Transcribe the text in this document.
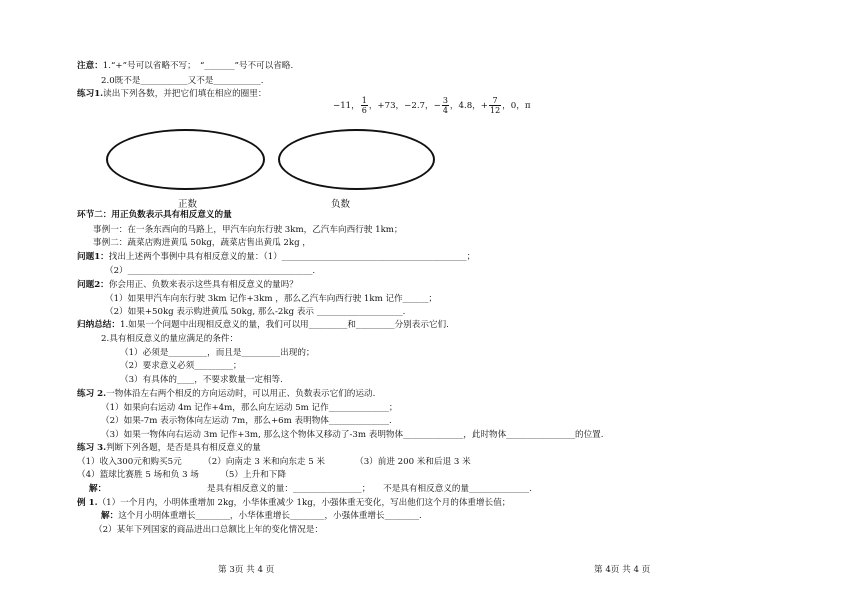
注意：1.“+”号可以省略不写；　“_______”号不可以省略.
2.0既不是___________又不是___________.
练习1.读出下列各数，并把它们填在相应的圈里：
−11， $\frac{1}{6}$ ，+73，−2.7，− $\frac{3}{4}$ ，4.8，+ $\frac{7}{12}$ ，0，π
正数	负数
环节二：用正负数表示具有相反意义的量
事例一：在一条东西向的马路上，甲汽车向东行驶 3km，乙汽车向西行驶 1km；
事例二：蔬菜店购进黄瓜 50kg，蔬菜店售出黄瓜 2kg ，
问题1：找出上述两个事例中具有相反意义的量：（1）___________________________________________；
（2）___________________________________________.
问题2：你会用正、负数来表示这些具有相反意义的量吗？
（1）如果甲汽车向东行驶 3km 记作+3km ，那么乙汽车向西行驶 1km 记作______；
（2）如果+50kg 表示购进黄瓜 50kg, 那么-2kg 表示 ____________________.
归纳总结：1.如果一个问题中出现相反意义的量，我们可以用_________和_________分别表示它们.
2.具有相反意义的量应满足的条件：
（1）必须是_________，而且是_________出现的；
（2）要求意义必须_________；
（3）有具体的____，不要求数量一定相等.
练习 2.一物体沿左右两个相反的方向运动时，可以用正、负数表示它们的运动.
（1）如果向右运动 4m 记作+4m，那么向左运动 5m 记作______________；
（2）如果-7m 表示物体向左运动 7m，那么+6m 表明物体______________.
（3）如果一物体向右运动 3m 记作+3m, 那么这个物体又移动了-3m 表明物体______________，此时物体________________的位置.
练习 3.判断下列各题，是否是具有相反意义的量
（1）收入300元和购买5元　　　（2）向南走 3 米和向东走 5 米　　　　（3）前进 200 米和后退 3 米
（4）篮球比赛胜 5 场和负 3 场　　　（5）上升和下降
解：	是具有相反意义的量：________________；　　不是具有相反意义的量______________.
例 1.（1）一个月内，小明体重增加 2kg，小华体重减少 1kg，小强体重无变化，写出他们这个月的体重增长值；
解：这个月小明体重增长________，小华体重增长________，小强体重增长________.
（2）某年下列国家的商品进出口总额比上年的变化情况是：
第 3页 共 4 页	第 4页 共 4 页
